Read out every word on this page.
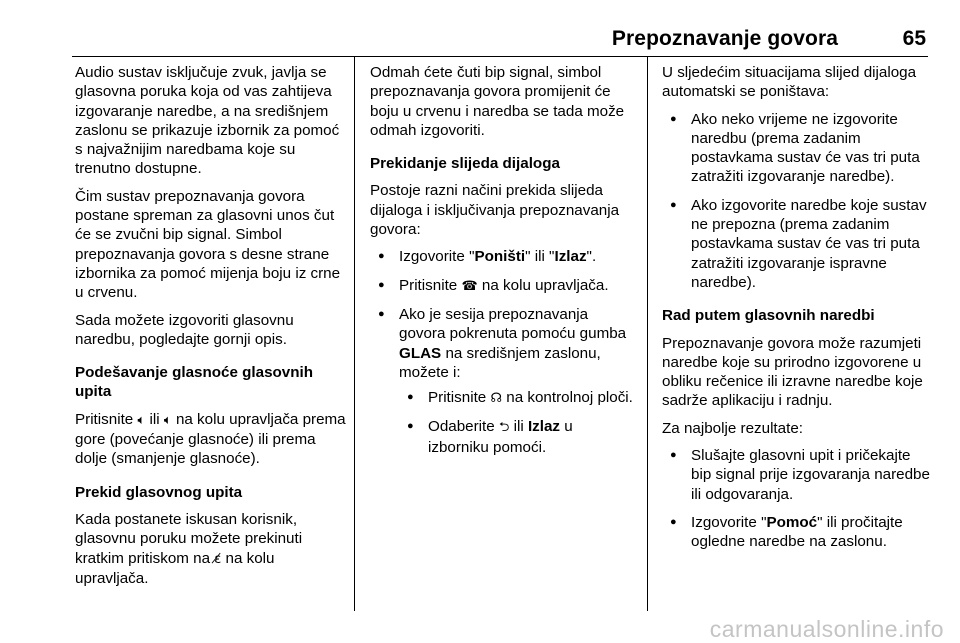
Prepoznavanje govora	65

Audio sustav isključuje zvuk, javlja se glasovna poruka koja od vas zahtijeva izgovaranje naredbe, a na središnjem zaslonu se prikazuje izbornik za pomoć s najvažnijim naredbama koje su trenutno dostupne.

Čim sustav prepoznavanja govora postane spreman za glasovni unos čut će se zvučni bip signal. Simbol prepoznavanja govora s desne strane izbornika za pomoć mijenja boju iz crne u crvenu.

Sada možete izgovoriti glasovnu naredbu, pogledajte gornji opis.

Podešavanje glasnoće glasovnih upita

Pritisnite 🔈︎ ili 🔈︎ na kolu upravljača prema gore (povećanje glasnoće) ili prema dolje (smanjenje glasnoće).

Prekid glasovnog upita

Kada postanete iskusan korisnik, glasovnu poruku možete prekinuti kratkim pritiskom na ɛ̸ na kolu upravljača.

Odmah ćete čuti bip signal, simbol prepoznavanja govora promijenit će boju u crvenu i naredba se tada može odmah izgovoriti.

Prekidanje slijeda dijaloga

Postoje razni načini prekida slijeda dijaloga i isključivanja prepoznavanja govora:

● Izgovorite "Poništi" ili "Izlaz".
● Pritisnite ☎︎ na kolu upravljača.
● Ako je sesija prepoznavanja govora pokrenuta pomoću gumba GLAS na središnjem zaslonu, možete i:
● Pritisnite ☊ na kontrolnoj ploči.
● Odaberite ⮌ ili Izlaz u izborniku pomoći.

U sljedećim situacijama slijed dijaloga automatski se poništava:

● Ako neko vrijeme ne izgovorite naredbu (prema zadanim postavkama sustav će vas tri puta zatražiti izgovaranje naredbe).
● Ako izgovorite naredbe koje sustav ne prepozna (prema zadanim postavkama sustav će vas tri puta zatražiti izgovaranje ispravne naredbe).

Rad putem glasovnih naredbi

Prepoznavanje govora može razumjeti naredbe koje su prirodno izgovorene u obliku rečenice ili izravne naredbe koje sadrže aplikaciju i radnju.

Za najbolje rezultate:

● Slušajte glasovni upit i pričekajte bip signal prije izgovaranja naredbe ili odgovaranja.
● Izgovorite "Pomoć" ili pročitajte ogledne naredbe na zaslonu.
carmanualsonline.info
